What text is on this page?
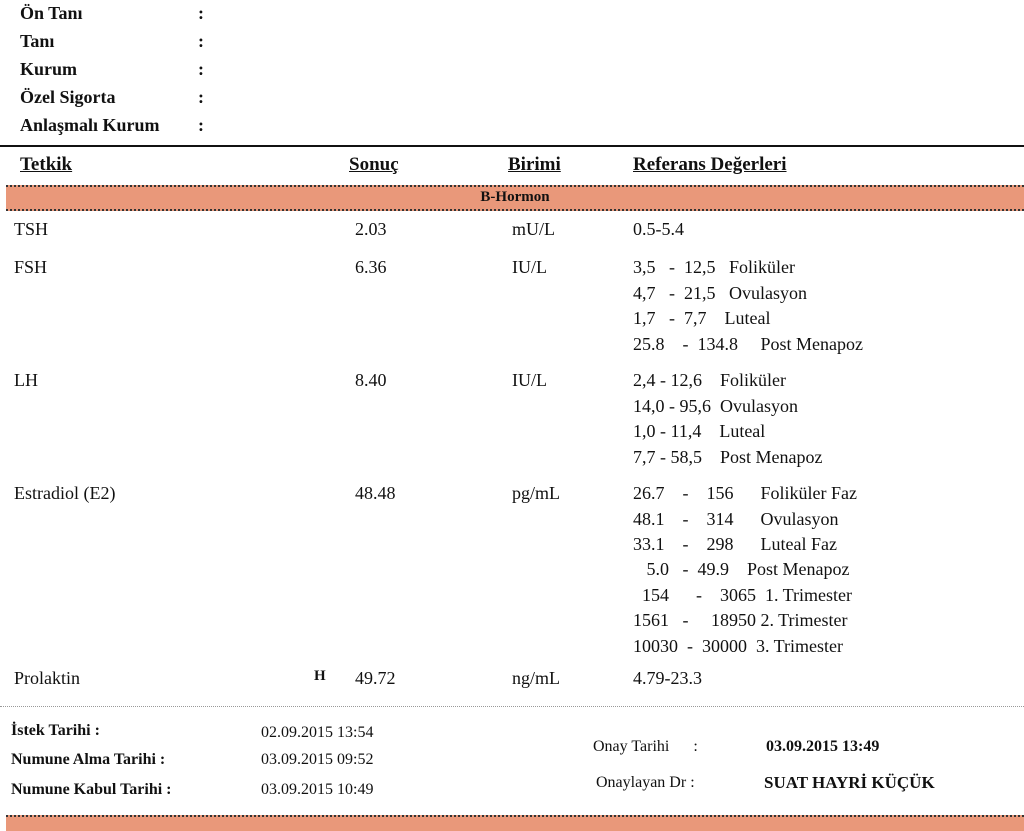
Ön Tanı	:
Tanı	:
Kurum	:
Özel Sigorta	:
Anlaşmalı Kurum :
Tetkik	Sonuç	Birimi	Referans Değerleri
B-Hormon
TSH	2.03	mU/L	0.5-5.4
FSH	6.36	IU/L	3,5   -  12,5   Foliküler
4,7   -  21,5   Ovulasyon
1,7   -  7,7    Luteal
25.8    -  134.8     Post Menapoz
LH	8.40	IU/L	2,4 - 12,6    Foliküler
14,0 - 95,6  Ovulasyon
1,0 - 11,4    Luteal
7,7 - 58,5    Post Menapoz
Estradiol (E2)	48.48	pg/mL	26.7    -    156      Foliküler Faz
48.1    -    314      Ovulasyon
33.1    -    298      Luteal Faz
5.0   -  49.9    Post Menapoz
154      -    3065  1. Trimester
1561   -     18950 2. Trimester
10030  -  30000  3. Trimester
Prolaktin	H 49.72	ng/mL	4.79-23.3
İstek Tarihi :	02.09.2015 13:54
Numune Alma Tarihi :	03.09.2015 09:52
Numune Kabul Tarihi :	03.09.2015 10:49
Onay Tarihi      :	03.09.2015 13:49
Onaylayan Dr :	SUAT HAYRİ KÜÇÜK
